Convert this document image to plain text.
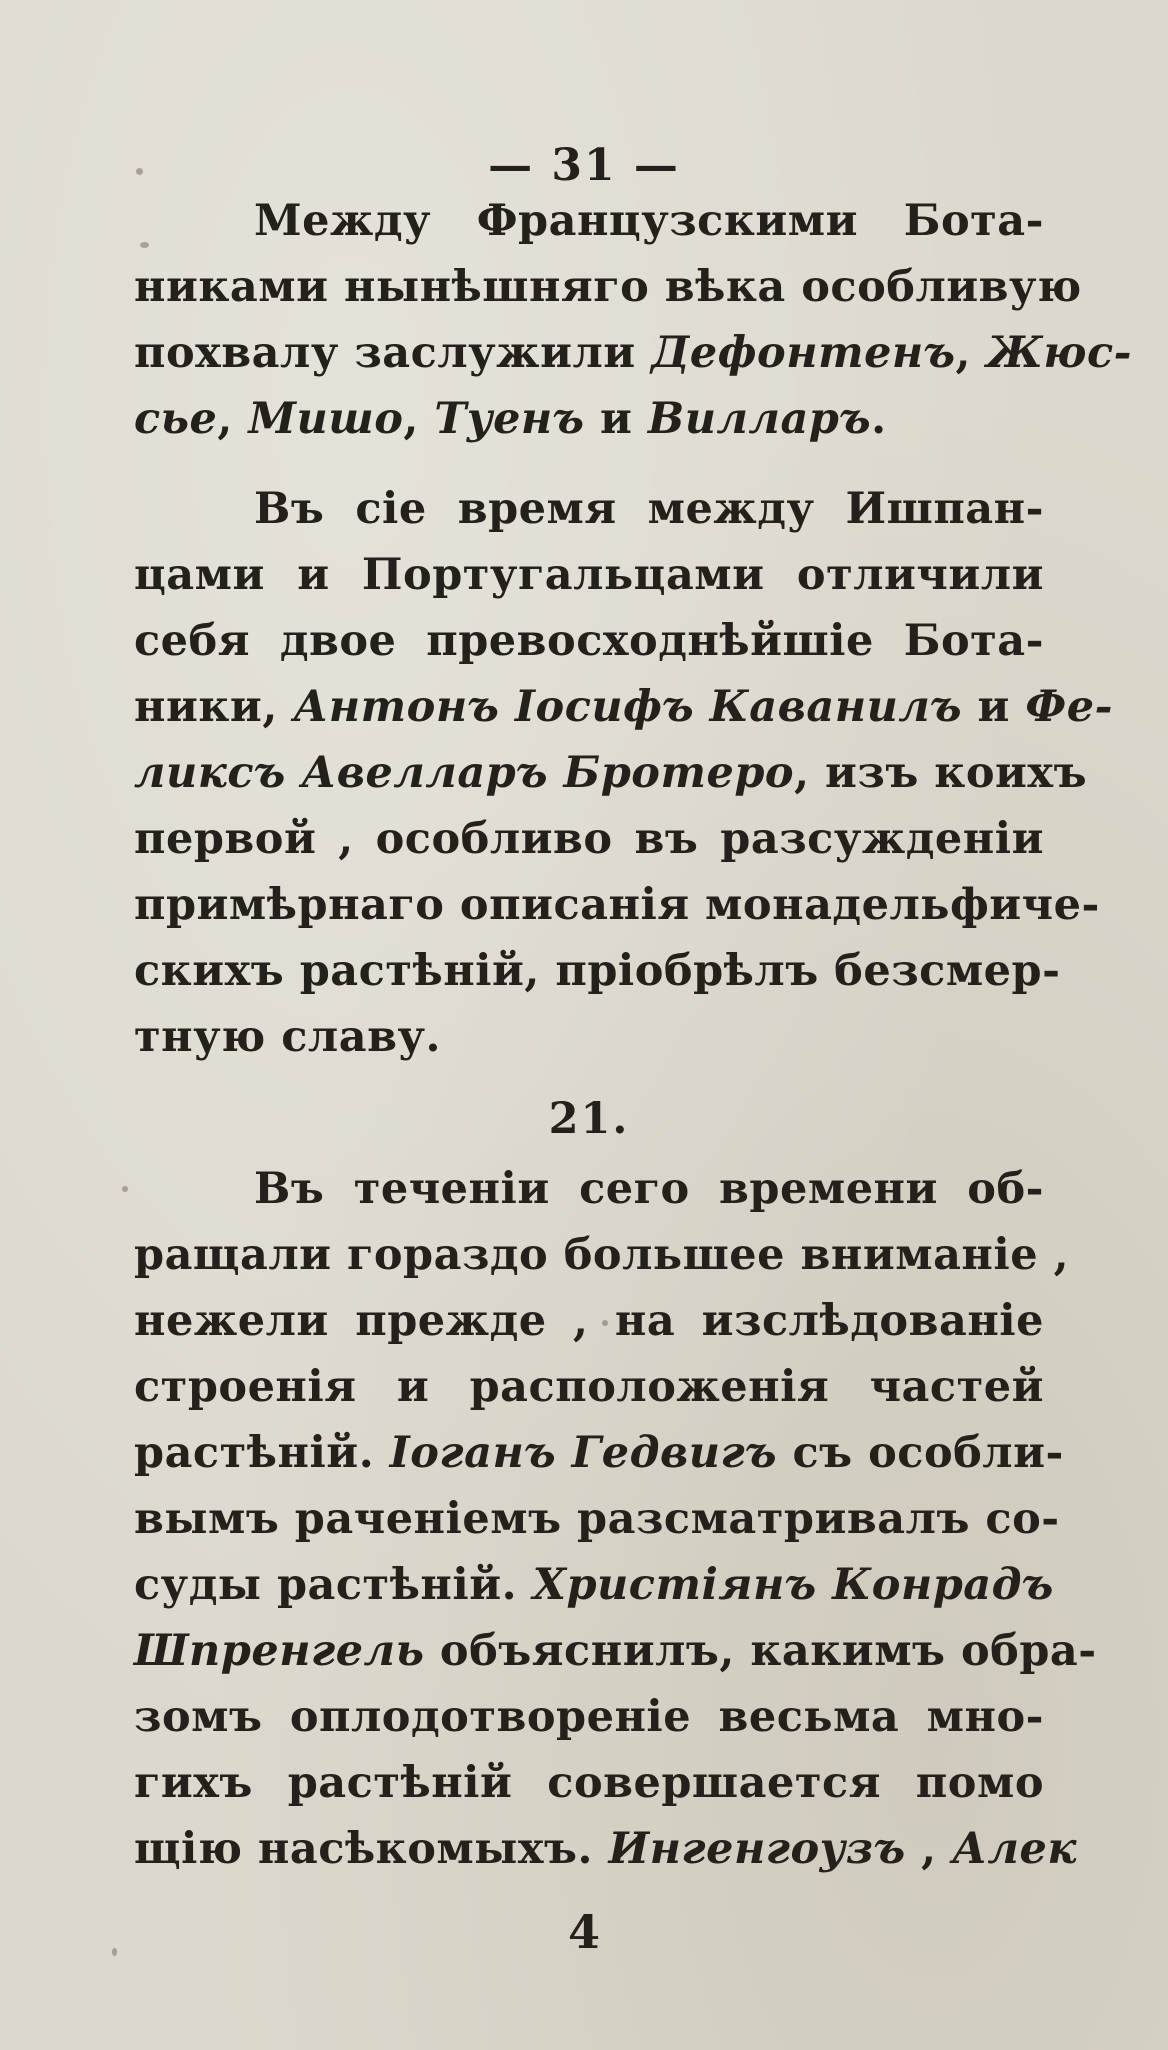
— 31 —
Между Французскими Бота-
никами нынѣшняго вѣка особливую
похвалу заслужили Дефонтенъ, Жюс-
сье, Мишо, Туенъ и Вилларъ.
Въ сіе время между Ишпан-
цами и Португальцами отличили
себя двое превосходнѣйшіе Бота-
ники, Антонъ Іосифъ Каванилъ и Фе-
ликсъ Авелларъ Бротеро, изъ коихъ
первой , особливо въ разсужденіи
примѣрнаго описанія монадельфиче-
скихъ растѣній, пріобрѣлъ безсмер-
тную славу.
21.
Въ теченіи сего времени об-
ращали гораздо большее вниманіе ,
нежели прежде , на изслѣдованіе
строенія и расположенія частей
растѣній. Іоганъ Гедвигъ съ особли-
вымъ раченіемъ разсматривалъ со-
суды растѣній. Христіянъ Конрадъ
Шпренгель объяснилъ, какимъ обра-
зомъ оплодотвореніе весьма мно-
гихъ растѣній совершается помо
щію насѣкомыхъ. Ингенгоузъ , Алек
4
